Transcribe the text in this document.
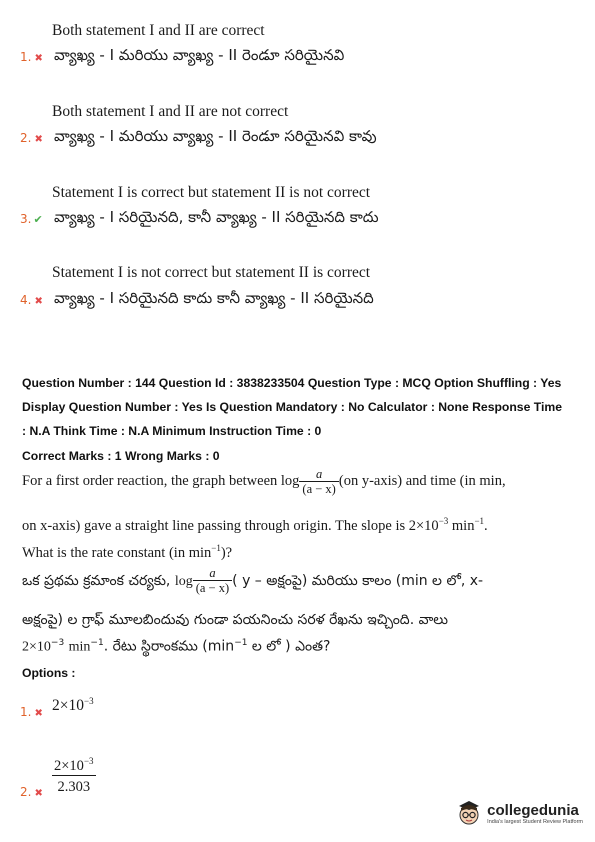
Both statement I and II are correct
1. ✖ వ్యాఖ్య - I మరియు వ్యాఖ్య - II రెండూ సరియైనవి
Both statement I and II are not correct
2. ✖ వ్యాఖ్య - I మరియు వ్యాఖ్య - II రెండూ సరియైనవి కావు
Statement I is correct but statement II is not correct
3. ✔ వ్యాఖ్య - I సరియైనది, కానీ వ్యాఖ్య - II సరియైనది కాదు
Statement I is not correct but statement II is correct
4. ✖ వ్యాఖ్య - I సరియైనది కాదు కానీ వ్యాఖ్య - II సరియైనది
Question Number : 144 Question Id : 3838233504 Question Type : MCQ Option Shuffling : Yes
Display Question Number : Yes Is Question Mandatory : No Calculator : None Response Time
: N.A Think Time : N.A Minimum Instruction Time : 0
Correct Marks : 1 Wrong Marks : 0
For a first order reaction, the graph between $\log \frac{a}{(a - x)} (on$ y-axis) and time (in min,
on x-axis) gave a straight line passing through origin. The slope is $2\times 10^{-3}$ $\min^{-1}$.
What is the rate constant (in $\min^{-1}$)?
ఒక ప్రథమ క్రమాంక చర్యకు, $\log \frac{a}{(a - x)}$ ( y – అక్షంపై) మరియు కాలం (min ల లో, x-
అక్షంపై) ల గ్రాఫ్ మూలబిందువు గుండా పయనించు సరళ రేఖను ఇచ్చింది. వాలు
$2\times 10^{-3}$ $\min^{-1}$. రేటు స్థిరాంకము ($\min^{-1}$ ల లో ) ఎంత?
Options :
1. ✖ $2\times 10^{-3}$
2. ✖ $\frac{2\times 10^{-3}}{2.303}$
collegedunia
India's largest Student Review Platform
